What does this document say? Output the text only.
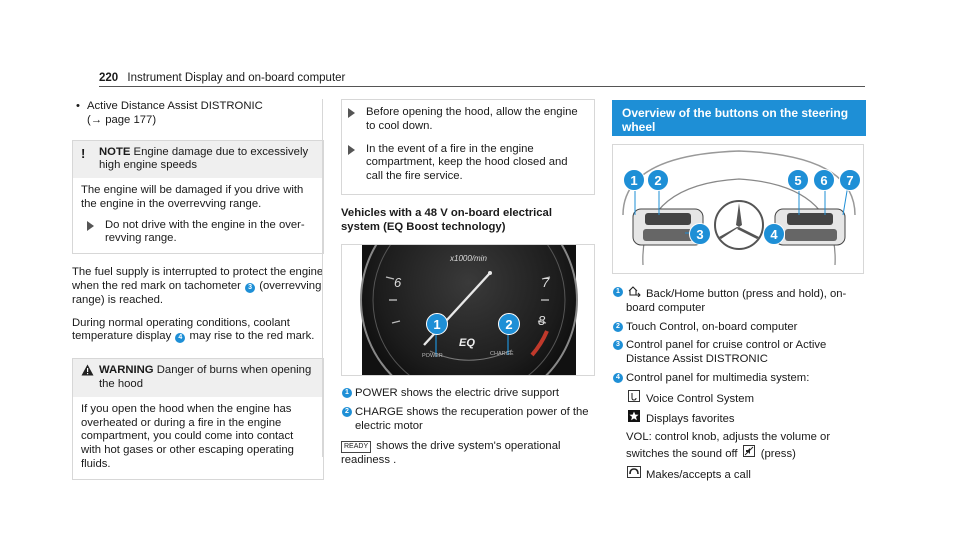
220 Instrument Display and on-board computer
• Active Distance Assist DISTRONIC
(→ page 177)
! NOTE Engine damage due to excessively high engine speeds
The engine will be damaged if you drive with the engine in the overrevving range.
Do not drive with the engine in the over-revving range.

The fuel supply is interrupted to protect the engine when the red mark on tachometer 3 (overrevving range) is reached.

During normal operating conditions, coolant temperature display 4 may rise to the red mark.

WARNING Danger of burns when opening the hood
If you open the hood when the engine has overheated or during a fire in the engine compartment, you could come into contact with hot gases or other escaping operating fluids.
Before opening the hood, allow the engine to cool down.
In the event of a fire in the engine compartment, keep the hood closed and call the fire service.
Vehicles with a 48 V on-board electrical system (EQ Boost technology)
x1000/min
6	7
8
EQ
POWER	CHARGE
1	2
1 POWER shows the electric drive support
2 CHARGE shows the recuperation power of the electric motor
READY shows the drive system's operational readiness .
Overview of the buttons on the steering wheel
1	2
3	4
5	6	7
1 Back/Home button (press and hold), on-board computer
2 Touch Control, on-board computer
3 Control panel for cruise control or Active Distance Assist DISTRONIC
4 Control panel for multimedia system:
Voice Control System
Displays favorites
VOL: control knob, adjusts the volume or switches the sound off (press)
Makes/accepts a call
